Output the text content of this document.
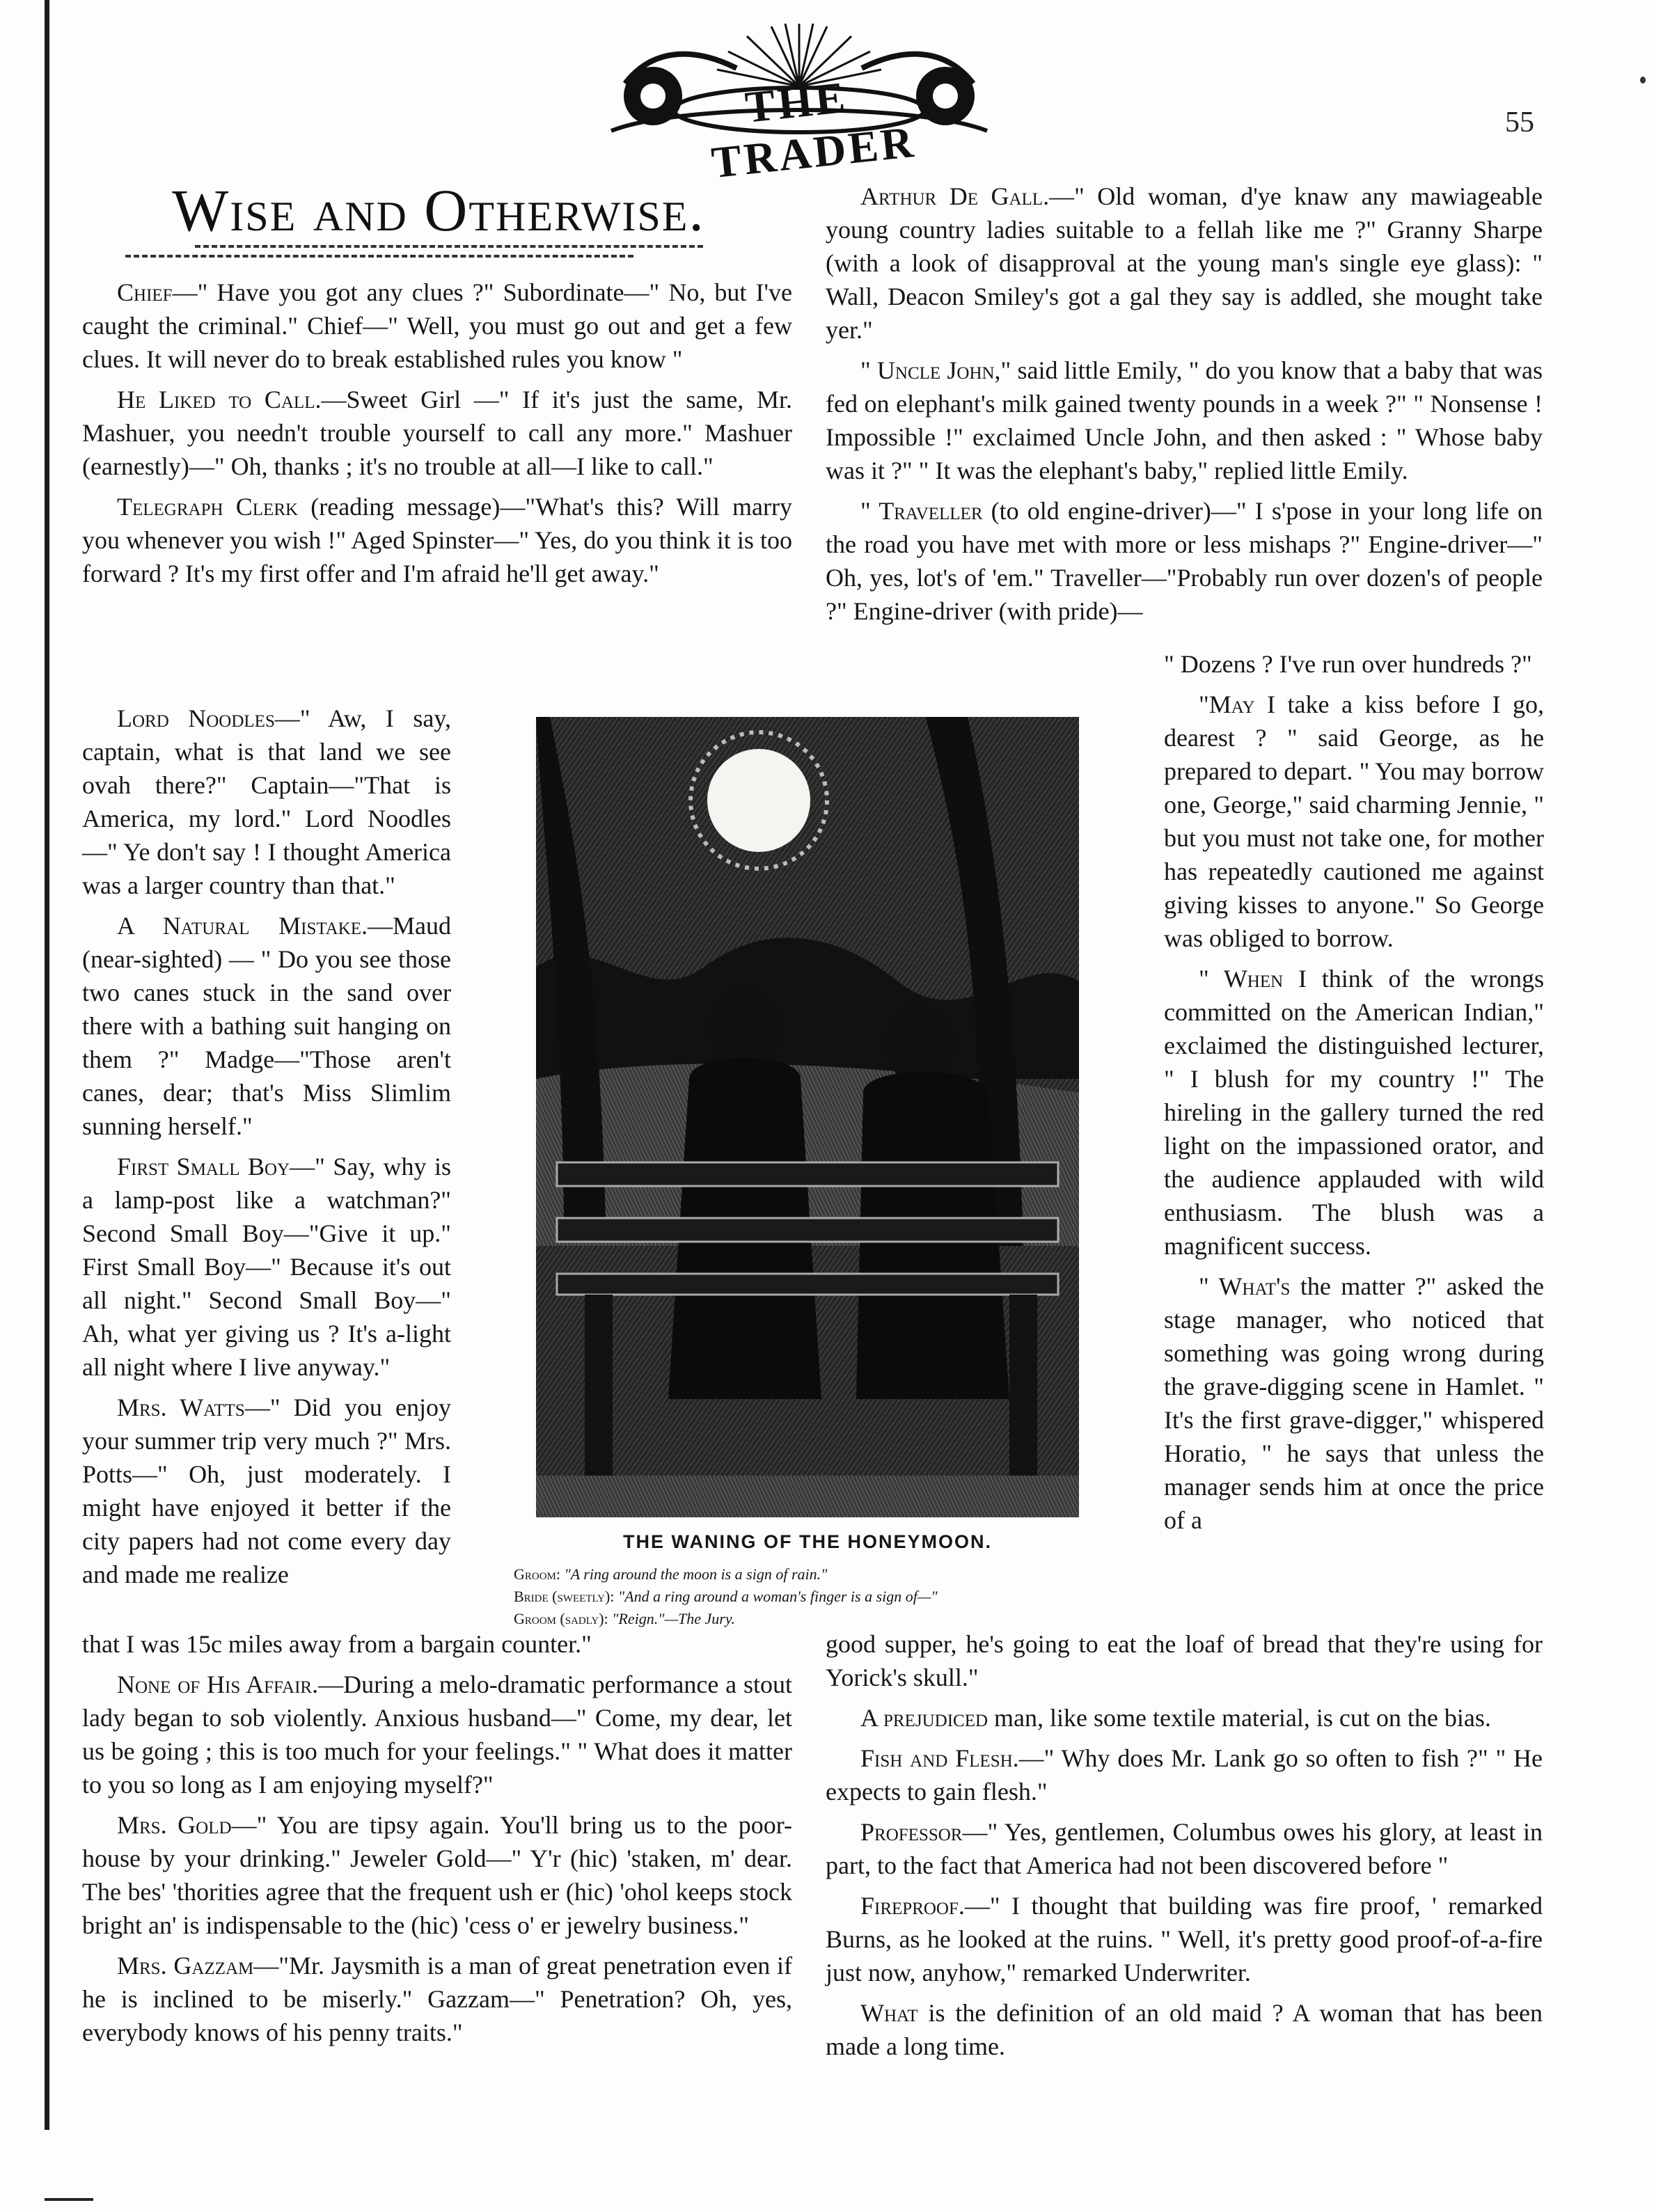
THE TRADER	55
Wise and Otherwise.

Chief—" Have you got any clues ?" Subordinate—" No, but I've caught the criminal." Chief—" Well, you must go out and get a few clues. It will never do to break established rules you know "

He Liked to Call.—Sweet Girl —" If it's just the same, Mr. Mashuer, you needn't trouble yourself to call any more." Mashuer (earnestly)—" Oh, thanks ; it's no trouble at all—I like to call."

Telegraph Clerk (reading message)—"What's this? Will marry you whenever you wish !" Aged Spinster—" Yes, do you think it is too forward ? It's my first offer and I'm afraid he'll get away."

Lord Noodles—" Aw, I say, captain, what is that land we see ovah there?" Captain—"That is America, my lord." Lord Noodles—" Ye don't say ! I thought America was a larger country than that."

A Natural Mistake.—Maud (near-sighted) — " Do you see those two canes stuck in the sand over there with a bathing suit hanging on them ?" Madge—"Those aren't canes, dear; that's Miss Slimlim sunning herself."

First Small Boy—" Say, why is a lamp-post like a watchman?" Second Small Boy—"Give it up." First Small Boy—" Because it's out all night." Second Small Boy—" Ah, what yer giving us ? It's a-light all night where I live anyway."

Mrs. Watts—" Did you enjoy your summer trip very much ?" Mrs. Potts—" Oh, just moderately. I might have enjoyed it better if the city papers had not come every day and made me realize

that I was 15c miles away from a bargain counter."

None of His Affair.—During a melo-dramatic performance a stout lady began to sob violently. Anxious husband—" Come, my dear, let us be going ; this is too much for your feelings." " What does it matter to you so long as I am enjoying myself?"

Mrs. Gold—" You are tipsy again. You'll bring us to the poor-house by your drinking." Jeweler Gold—" Y'r (hic) 'staken, m' dear. The bes' 'thorities agree that the frequent ush er (hic) 'ohol keeps stock bright an' is indispensable to the (hic) 'cess o' er jewelry business."

Mrs. Gazzam—"Mr. Jaysmith is a man of great penetration even if he is inclined to be miserly." Gazzam—" Penetration? Oh, yes, everybody knows of his penny traits."

Arthur De Gall.—" Old woman, d'ye knaw any mawiageable young country ladies suitable to a fellah like me ?" Granny Sharpe (with a look of disapproval at the young man's single eye glass): " Wall, Deacon Smiley's got a gal they say is addled, she mought take yer."

" Uncle John," said little Emily, " do you know that a baby that was fed on elephant's milk gained twenty pounds in a week ?" " Nonsense ! Impossible !" exclaimed Uncle John, and then asked : " Whose baby was it ?" " It was the elephant's baby," replied little Emily.

" Traveller (to old engine-driver)—" I s'pose in your long life on the road you have met with more or less mishaps ?" Engine-driver—" Oh, yes, lot's of 'em." Traveller—"Probably run over dozen's of people ?" Engine-driver (with pride)—

" Dozens ? I've run over hundreds ?"

"May I take a kiss before I go, dearest ? " said George, as he prepared to depart. " You may borrow one, George," said charming Jennie, " but you must not take one, for mother has repeatedly cautioned me against giving kisses to anyone." So George was obliged to borrow.

" When I think of the wrongs committed on the American Indian," exclaimed the distinguished lecturer, " I blush for my country !" The hireling in the gallery turned the red light on the impassioned orator, and the audience applauded with wild enthusiasm. The blush was a magnificent success.

" What's the matter ?" asked the stage manager, who noticed that something was going wrong during the grave-digging scene in Hamlet. " It's the first grave-digger," whispered Horatio, " he says that unless the manager sends him at once the price of a

good supper, he's going to eat the loaf of bread that they're using for Yorick's skull."

A prejudiced man, like some textile material, is cut on the bias.

Fish and Flesh.—" Why does Mr. Lank go so often to fish ?" " He expects to gain flesh."

Professor—" Yes, gentlemen, Columbus owes his glory, at least in part, to the fact that America had not been discovered before "

Fireproof.—" I thought that building was fire proof, ' remarked Burns, as he looked at the ruins. " Well, it's pretty good proof-of-a-fire just now, anyhow," remarked Underwriter.

What is the definition of an old maid ? A woman that has been made a long time.

THE WANING OF THE HONEYMOON.
Groom: "A ring around the moon is a sign of rain."
Bride (sweetly): "And a ring around a woman's finger is a sign of—"
Groom (sadly): "Reign."—The Jury.
